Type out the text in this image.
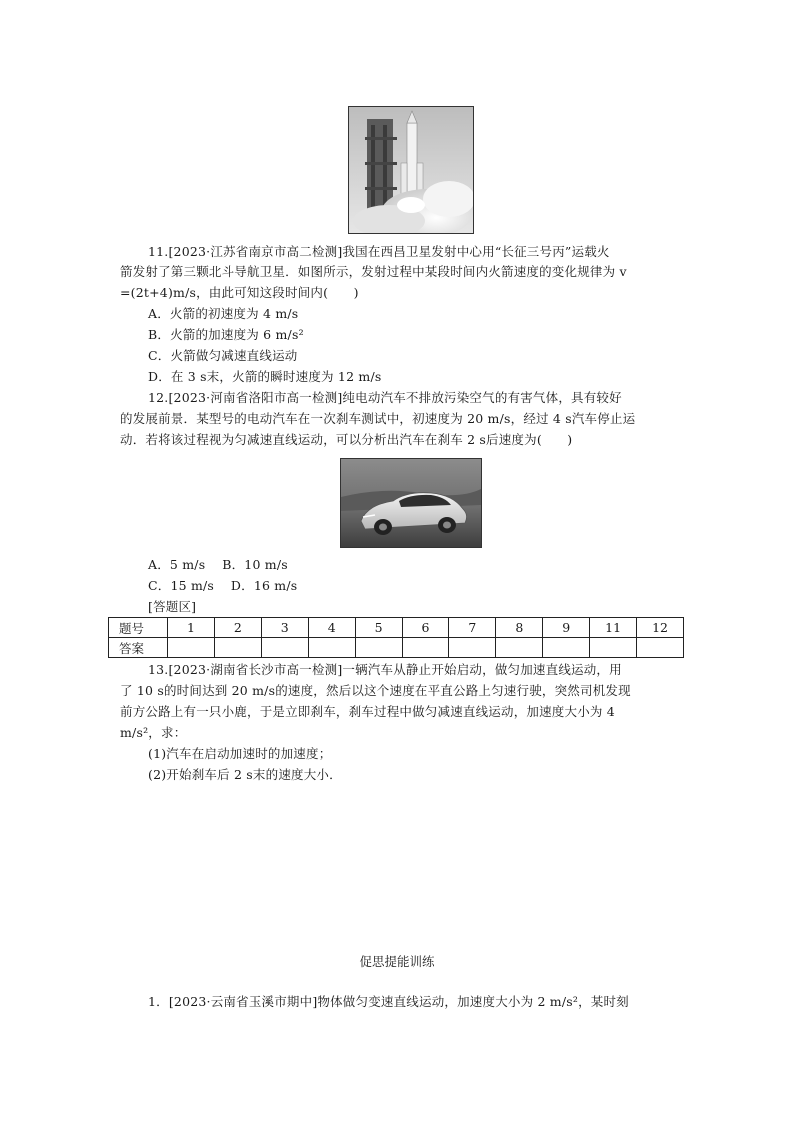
11.[2023·江苏省南京市高二检测]我国在西昌卫星发射中心用“长征三号丙”运载火
箭发射了第三颗北斗导航卫星．如图所示，发射过程中某段时间内火箭速度的变化规律为 v
=(2t+4)m/s，由此可知这段时间内(　　)
A．火箭的初速度为 4 m/s
B．火箭的加速度为 6 m/s²
C．火箭做匀减速直线运动
D．在 3 s末，火箭的瞬时速度为 12 m/s
12.[2023·河南省洛阳市高一检测]纯电动汽车不排放污染空气的有害气体，具有较好
的发展前景．某型号的电动汽车在一次刹车测试中，初速度为 20 m/s，经过 4 s汽车停止运
动．若将该过程视为匀减速直线运动，可以分析出汽车在刹车 2 s后速度为(　　)
A．5 m/s　 B．10 m/s
C．15 m/s　 D．16 m/s
[答题区]
题号	1	2	3	4	5	6	7	8	9	11	12
答案											
13.[2023·湖南省长沙市高一检测]一辆汽车从静止开始启动，做匀加速直线运动，用
了 10 s的时间达到 20 m/s的速度，然后以这个速度在平直公路上匀速行驶，突然司机发现
前方公路上有一只小鹿，于是立即刹车，刹车过程中做匀减速直线运动，加速度大小为 4
m/s²，求：
(1)汽车在启动加速时的加速度；
(2)开始刹车后 2 s末的速度大小．
促思提能训练
1．[2023·云南省玉溪市期中]物体做匀变速直线运动，加速度大小为 2 m/s²，某时刻
